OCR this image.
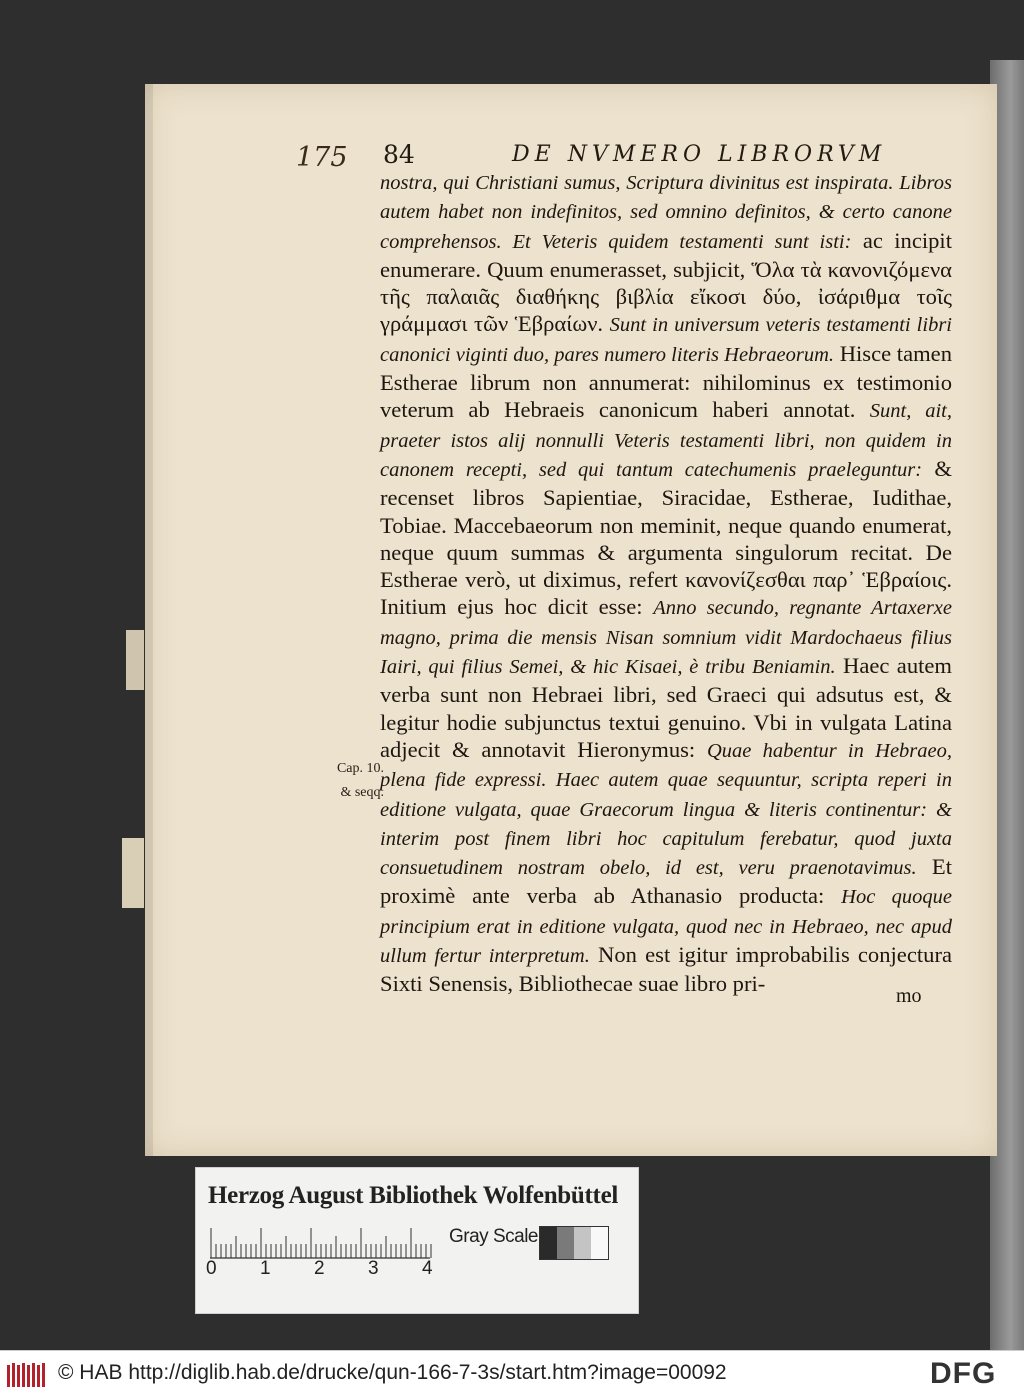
175 84	DE NVMERO LIBRORVM

nostra, qui Christiani sumus, Scriptura divinitus est inspirata. Libros autem habet non indefinitos, sed omnino definitos, & certo canone comprehensos. Et Veteris quidem testamenti sunt isti: ac incipit enumerare. Quum enumerasset, subjicit, Ὅλα τὰ κανονιζόμενα τῆς παλαιᾶς διαθήκης βιβλία εἴκοσι δύο, ἰσάριθμα τοῖς γράμμασι τῶν Ἑβραίων. Sunt in universum veteris testamenti libri canonici viginti duo, pares numero literis Hebraeorum. Hisce tamen Estherae librum non annumerat: nihilominus ex testimonio veterum ab Hebraeis canonicum haberi annotat. Sunt, ait, praeter istos alij nonnulli Veteris testamenti libri, non quidem in canonem recepti, sed qui tantum catechumenis praeleguntur: & recenset libros Sapientiae, Siracidae, Estherae, Iudithae, Tobiae. Maccebaeorum non meminit, neque quando enumerat, neque quum summas & argumenta singulorum recitat. De Estherae verò, ut diximus, refert κανονίζεσθαι παρ᾽ Ἑβραίοις. Initium ejus hoc dicit esse: Anno secundo, regnante Artaxerxe magno, prima die mensis Nisan somnium vidit Mardochaeus filius Iairi, qui filius Semei, & hic Kisaei, è tribu Beniamin. Haec autem verba sunt non Hebraei libri, sed Graeci qui adsutus est, & legitur hodie subjunctus textui genuino. Vbi in vulgata Latina adjecit & annotavit Hieronymus: Quae habentur in Hebraeo, plena fide expressi. Haec autem quae sequuntur, scripta reperi in editione vulgata, quae Graecorum lingua & literis continentur: & interim post finem libri hoc capitulum ferebatur, quod juxta consuetudinem nostram obelo, id est, veru praenotavimus. Et proximè ante verba ab Athanasio producta: Hoc quoque principium erat in editione vulgata, quod nec in Hebraeo, nec apud ullum fertur interpretum. Non est igitur improbabilis conjectura Sixti Senensis, Bibliothecae suae libro pri-

Cap. 10.
& seqq.
mo
Herzog August Bibliothek Wolfenbüttel
0 1 2 3 4
Gray Scale
© HAB http://diglib.hab.de/drucke/qun-166-7-3s/start.htm?image=00092	DFG
